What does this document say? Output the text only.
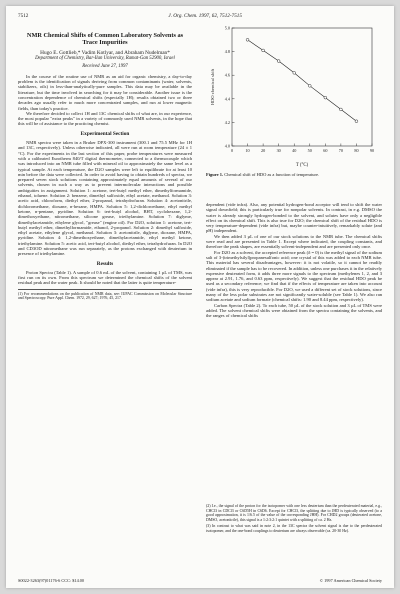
7512	J. Org. Chem. 1997, 62, 7512-7515
NMR Chemical Shifts of Common Laboratory Solvents as Trace Impurities
Hugo E. Gottlieb,* Vadim Kotlyar, and Abraham Nudelman*
Department of Chemistry, Bar-Ilan University, Ramat-Gan 52900, Israel
Received June 27, 1997

In the course of the routine use of NMR as an aid for organic chemistry, a day-to-day problem is the identification of signals deriving from common contaminants (water, solvents, stabilizers, oils) in less-than-analytically-pure samples. This data may be available in the literature, but the time involved in searching for it may be considerable. Another issue is the concentration dependence of chemical shifts (especially 1H); results obtained two or three decades ago usually refer to much more concentrated samples, and run at lower magnetic fields, than today's practice.

We therefore decided to collect 1H and 13C chemical shifts of what are, in our experience, the most popular "extra peaks" in a variety of commonly used NMR solvents, in the hope that this will be of assistance to the practicing chemist.

Experimental Section

NMR spectra were taken in a Bruker DPX-300 instrument (300.1 and 75.5 MHz for 1H and 13C, respectively). Unless otherwise indicated, all were run at room temperature (24 ± 1 °C). For the experiments in the last section of this paper, probe temperatures were measured with a calibrated Eurotherm 840/T digital thermometer, connected to a thermocouple which was introduced into an NMR tube filled with mineral oil to approximately the same level as a typical sample. At each temperature, the D2O samples were left to equilibrate for at least 10 min before the data were collected. In order to avoid having to obtain hundreds of spectra, we prepared seven stock solutions containing approximately equal amounts of several of our solvents, chosen in such a way as to prevent intermolecular interactions and possible ambiguities in assignment. Solution 1: acetone, tert-butyl methyl ether, dimethylformamide, ethanol, toluene. Solution 2: benzene, dimethyl sulfoxide, ethyl acetate, methanol. Solution 3: acetic acid, chloroform, diethyl ether, 2-propanol, tetrahydrofuran. Solution 4: acetonitrile, dichloromethane, dioxane, n-hexane, HMPA. Solution 5: 1,2-dichloroethane, ethyl methyl ketone, n-pentane, pyridine. Solution 6: tert-butyl alcohol, BHT, cyclohexane, 1,2-dimethoxyethane, nitromethane, silicone grease, triethylamine. Solution 7: diglyme, dimethylacetamide, ethylene glycol, "grease" (engine oil). For D2O, solution 1: acetone, tert-butyl methyl ether, dimethylformamide, ethanol, 2-propanol. Solution 2: dimethyl sulfoxide, ethyl acetate, ethylene glycol, methanol. Solution 3: acetonitrile, diglyme, dioxane, HMPA, pyridine. Solution 4: 1,2-dimethoxyethane, dimethylacetamide, ethyl methyl ketone, triethylamine. Solution 5: acetic acid, tert-butyl alcohol, diethyl ether, tetrahydrofuran. In D2O and CD3OD nitromethane was run separately, as the protons exchanged with deuterium in presence of triethylamine.

Results

Proton Spectra (Table 1). A sample of 0.6 mL of the solvent, containing 1 µL of TMS, was first run on its own. From this spectrum we determined the chemical shifts of the solvent residual peak and the water peak. It should be noted that the latter is quite temperature-

(1) For recommendations on the publication of NMR data, see: IUPAC Commission on Molecular Structure and Spectroscopy. Pure Appl. Chem. 1972, 29, 627; 1976, 45, 217.
0	10	20	30	40	50	60	70	80	90
4.0
4.2
4.4
4.6
4.8
5.0
HDO chemical shift
T (°C)
Figure 1. Chemical shift of HDO as a function of temperature.

dependent (vide infra). Also, any potential hydrogen-bond acceptor will tend to shift the water signal downfield; this is particularly true for nonpolar solvents. In contrast, in e.g. DMSO the water is already strongly hydrogen-bonded to the solvent, and solutes have only a negligible effect on its chemical shift. This is also true for D2O; the chemical shift of the residual HDO is very temperature-dependent (vide infra) but, maybe counter-intuitively, remarkably solute (and pH) independent.

We then added 3 µL of one of our stock solutions to the NMR tube. The chemical shifts were read and are presented in Table 1. Except where indicated, the coupling constants, and therefore the peak shapes, are essentially solvent-independent and are presented only once.

For D2O as a solvent, the accepted reference peak (δ = 0) is the methyl signal of the sodium salt of 3-(trimethylsilyl)propanesulfonic acid; one crystal of this was added to each NMR tube. This material has several disadvantages, however: it is not volatile, so it cannot be readily eliminated if the sample has to be recovered. In addition, unless one purchases it in the relatively expensive deuterated form, it adds three more signals to the spectrum (methylenes 1, 2, and 3 appear at 2.91, 1.76, and 0.63 ppm, respectively). We suggest that the residual HDO peak be used as a secondary reference; we find that if the effects of temperature are taken into account (vide infra), this is very reproducible. For D2O, we used a different set of stock solutions, since many of the less polar substrates are not significantly water-soluble (see Table 1). We also ran sodium acetate and sodium formate (chemical shifts: 1.90 and 8.44 ppm, respectively).

Carbon Spectra (Table 2). To each tube, 50 µL of the stock solution and 3 µL of TMS were added. The solvent chemical shifts were obtained from the spectra containing the solvents, and the ranges of chemical shifts

(2) I.e., the signal of the proton for the isotopomer with one less deuterium than the perdeuterated material, e.g., CHCl3 in CDCl3 or C6D5H in C6D6. Except for CHCl3, the splitting due to JHD is typically observed (to a good approximation, it is 1/6.5 of the value of the corresponding JHH). For CHD2 groups (deuterated acetone, DMSO, acetonitrile), this signal is a 1:2:3:2:1 quintet with a splitting of ca. 2 Hz.

(3) In contrast to what was said in note 2, in the 13C spectra the solvent signal is due to the perdeuterated isotopomer, and the one-bond couplings to deuterium are always observable (ca. 20-30 Hz).

S0022-3263(97)01176-6 CCC: $14.00	© 1997 American Chemical Society
